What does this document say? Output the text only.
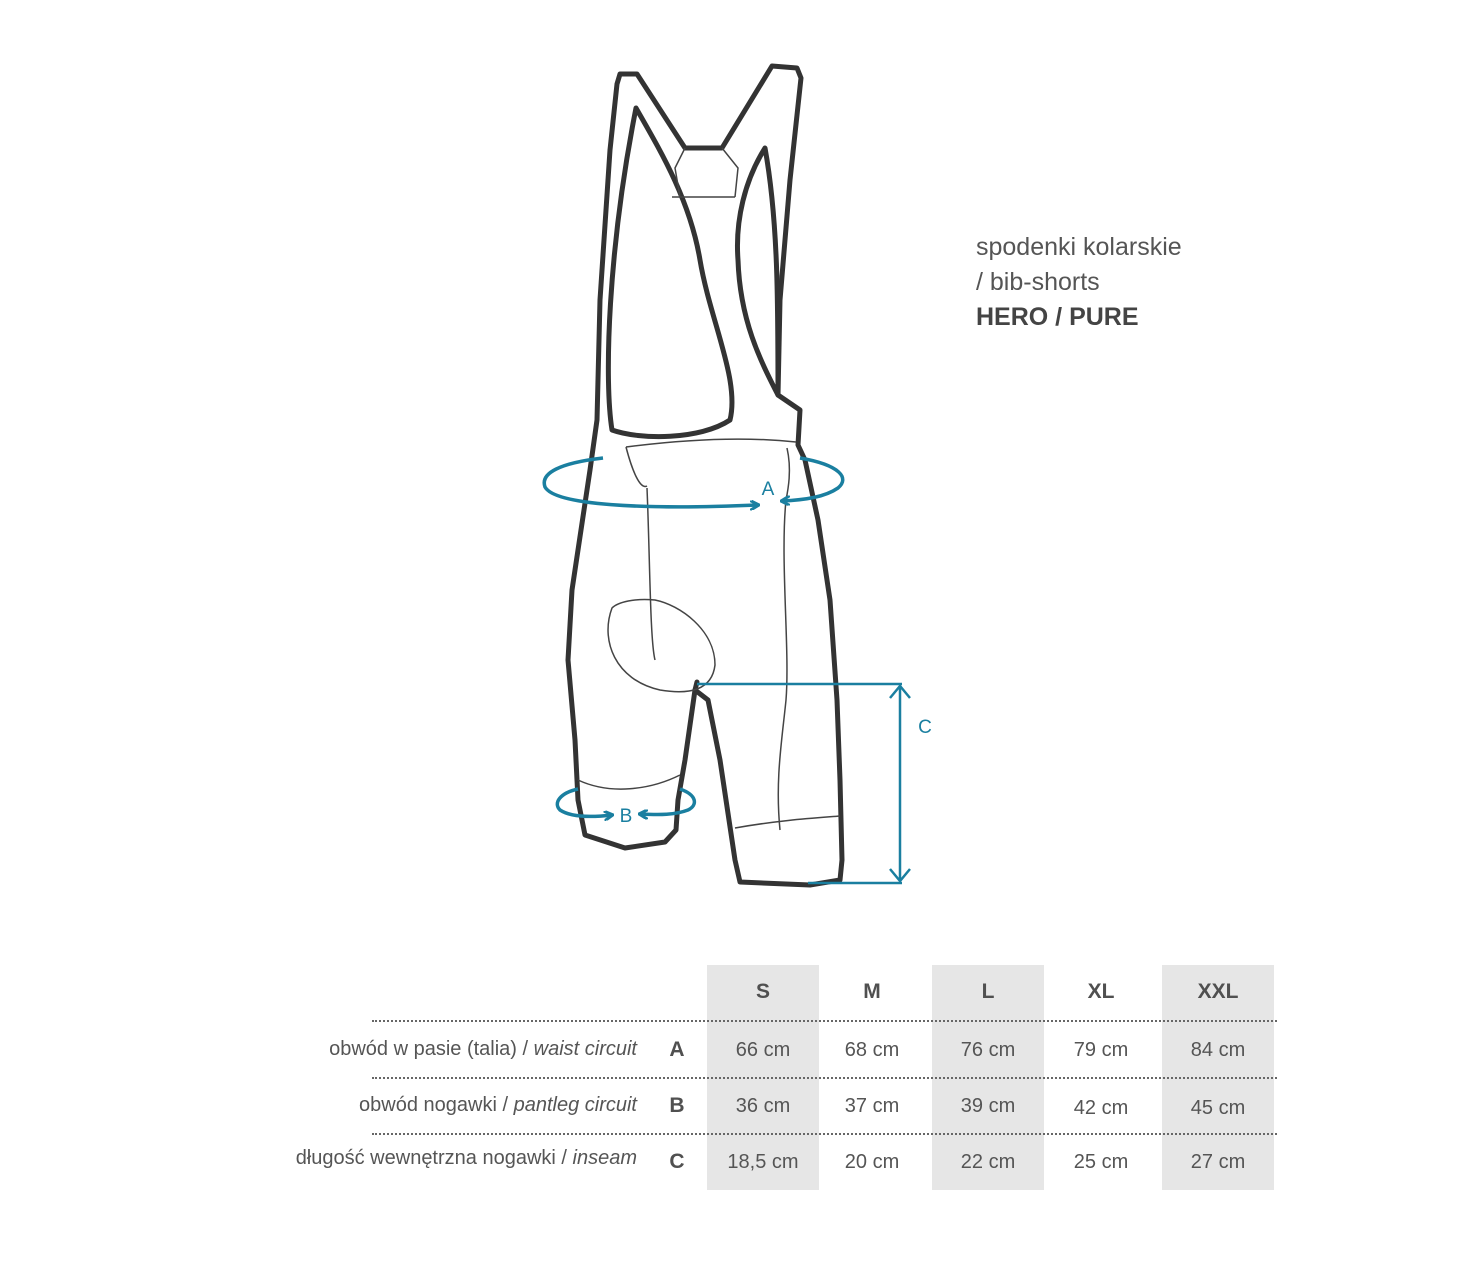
A
B
C
spodenki kolarskie
/ bib-shorts
HERO / PURE
S	M	L	XL	XXL
obwód w pasie (talia) / waist circuit A	66 cm	68 cm	76 cm	79 cm	84 cm
obwód nogawki / pantleg circuit B	36 cm	37 cm	39 cm	42 cm	45 cm
długość wewnętrzna nogawki / inseam C	18,5 cm	20 cm	22 cm	25 cm	27 cm
